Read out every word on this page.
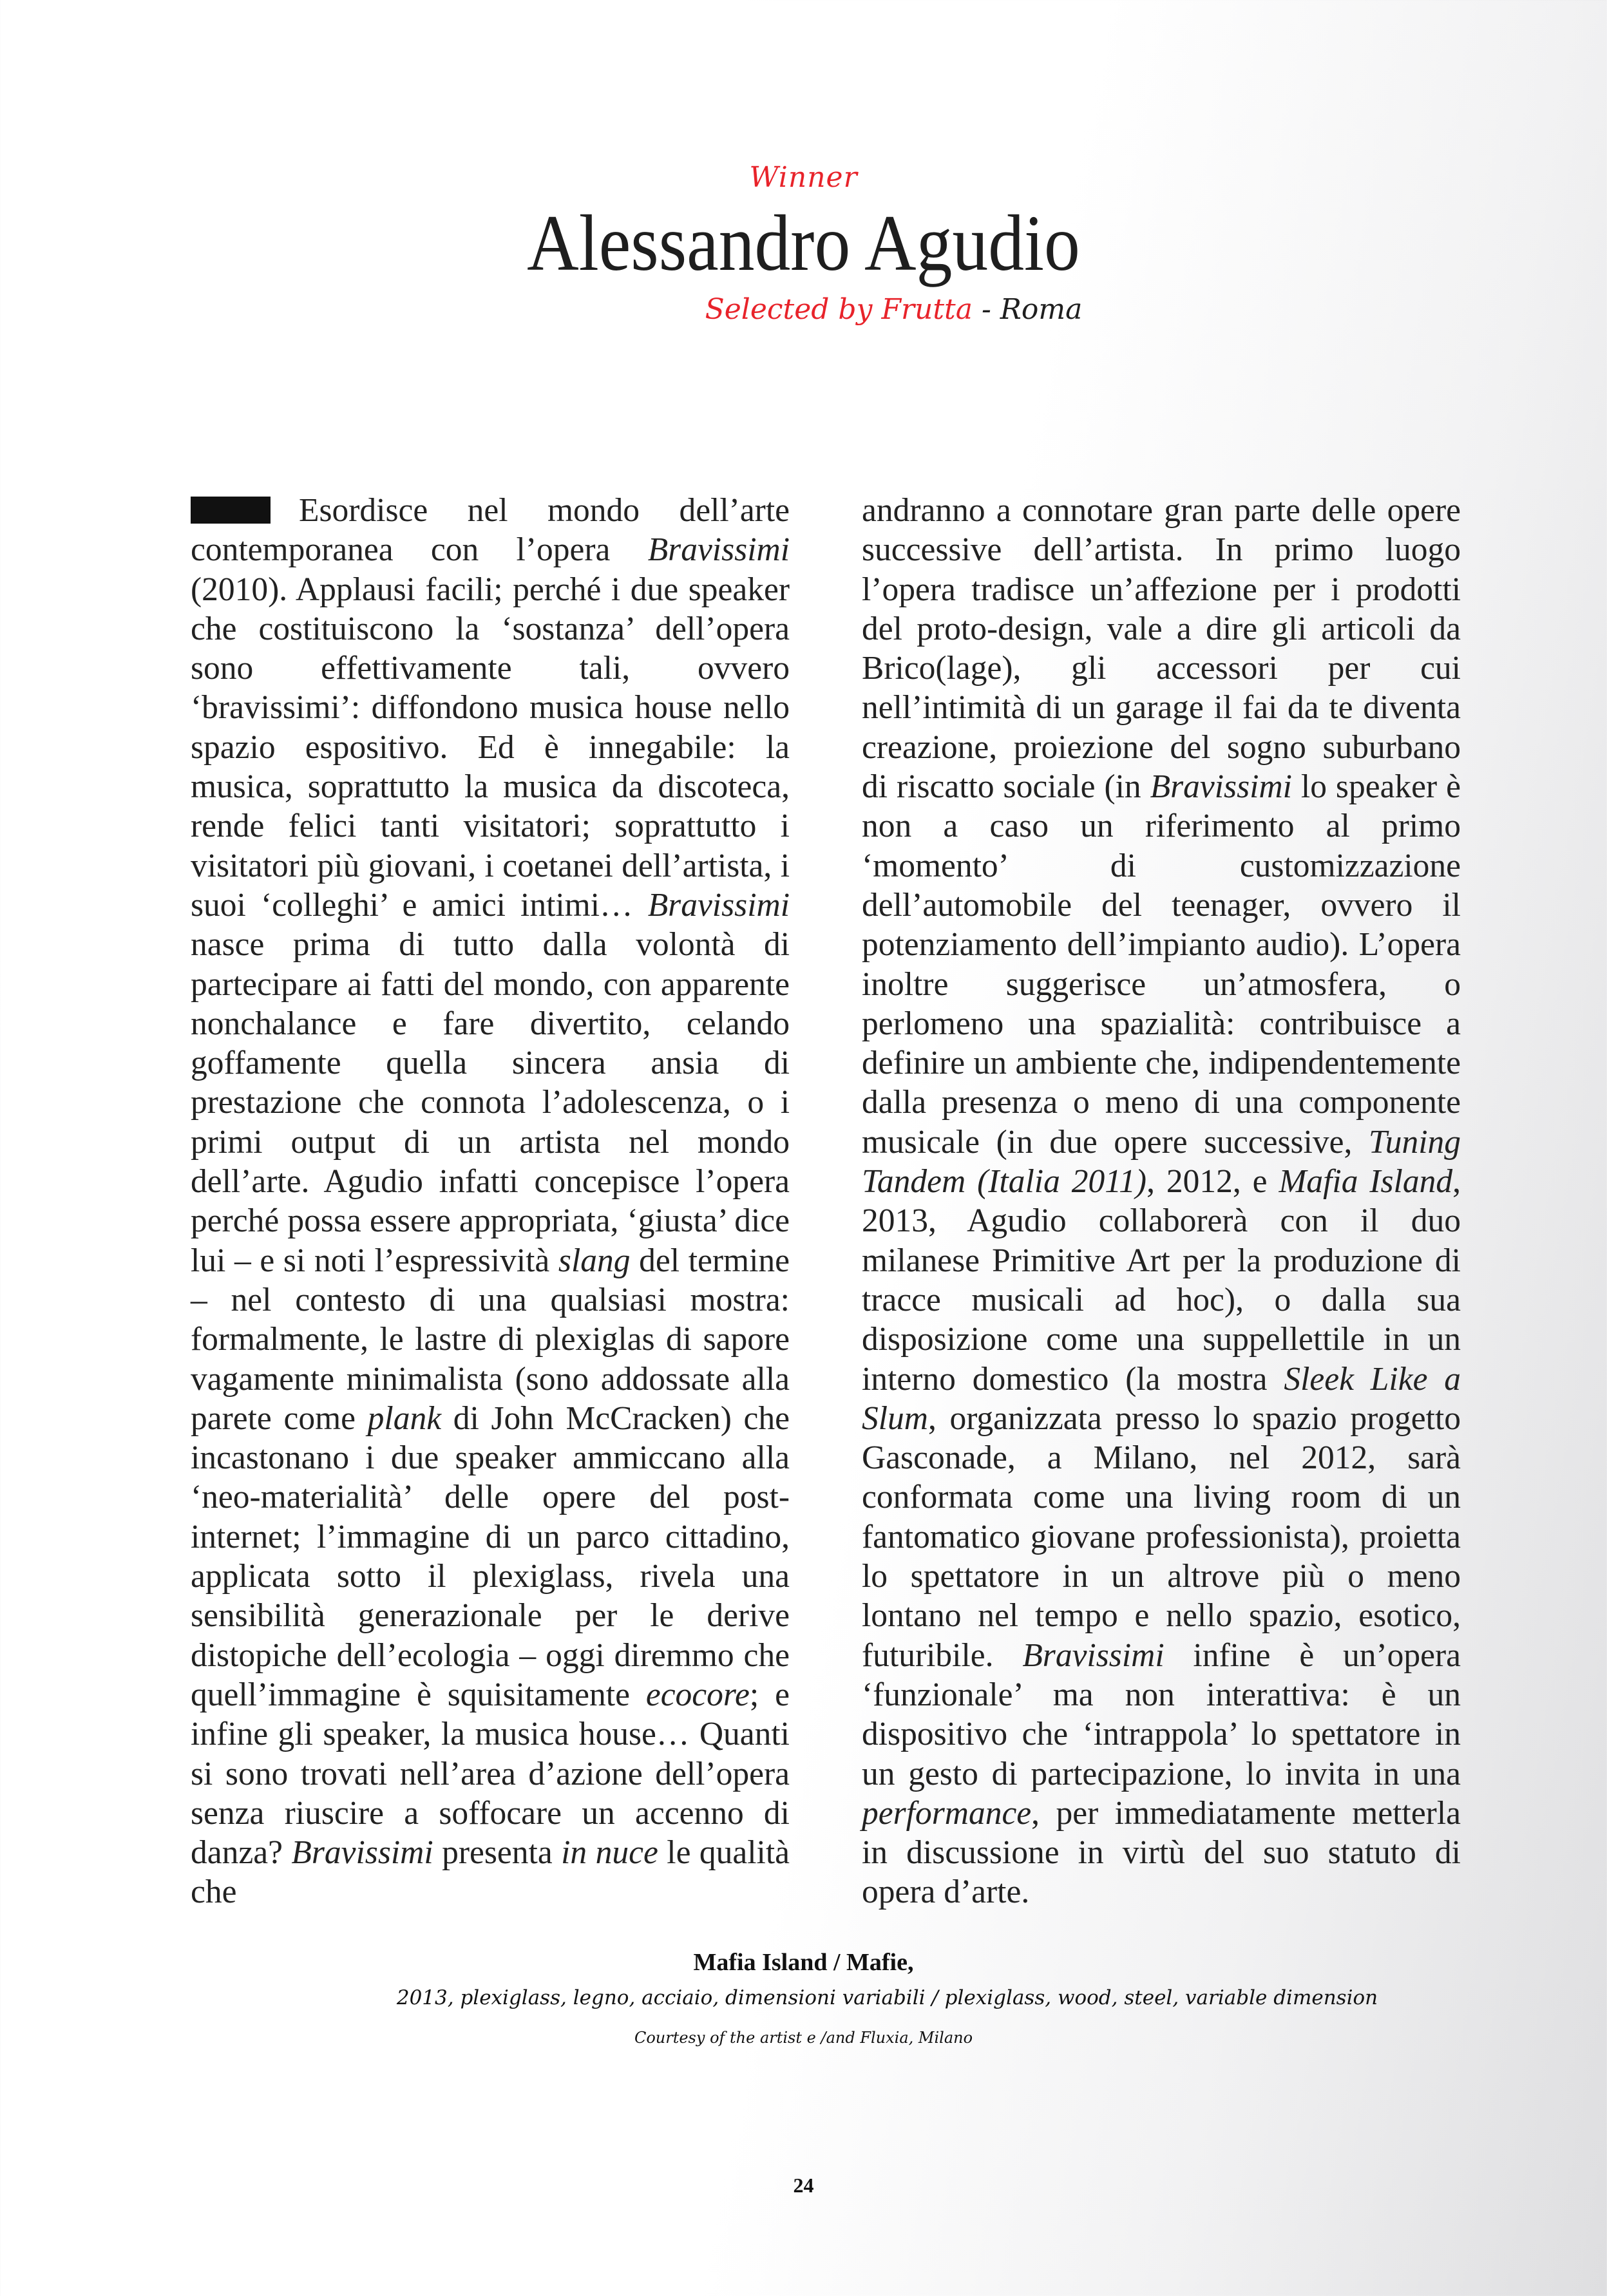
Winner
Alessandro Agudio
Selected by Frutta - Roma

Esordisce nel mondo dell’arte contemporanea con l’opera Bravissimi (2010). Applausi facili; perché i due speaker che costituiscono la ‘sostanza’ dell’opera sono effettivamente tali, ovvero ‘bravissimi’: diffondono musica house nello spazio espositivo. Ed è innegabile: la musica, soprattutto la musica da discoteca, rende felici tanti visitatori; soprattutto i visitatori più giovani, i coetanei dell’artista, i suoi ‘colleghi’ e amici intimi… Bravissimi nasce prima di tutto dalla volontà di partecipare ai fatti del mondo, con apparente nonchalance e fare divertito, celando goffamente quella sincera ansia di prestazione che connota l’adolescenza, o i primi output di un artista nel mondo dell’arte. Agudio infatti concepisce l’opera perché possa essere appropriata, ‘giusta’ dice lui – e si noti l’espressività slang del termine – nel contesto di una qualsiasi mostra: formalmente, le lastre di plexiglas di sapore vagamente minimalista (sono addossate alla parete come plank di John McCracken) che incastonano i due speaker ammiccano alla ‘neo-materialità’ delle opere del post-internet; l’immagine di un parco cittadino, applicata sotto il plexiglass, rivela una sensibilità generazionale per le derive distopiche dell’ecologia – oggi diremmo che quell’immagine è squisitamente ecocore; e infine gli speaker, la musica house… Quanti si sono trovati nell’area d’azione dell’opera senza riuscire a soffocare un accenno di danza? Bravissimi presenta in nuce le qualità che

andranno a connotare gran parte delle opere successive dell’artista. In primo luogo l’opera tradisce un’affezione per i prodotti del proto-design, vale a dire gli articoli da Brico(lage), gli accessori per cui nell’intimità di un garage il fai da te diventa creazione, proiezione del sogno suburbano di riscatto sociale (in Bravissimi lo speaker è non a caso un riferimento al primo ‘momento’ di customizzazione dell’automobile del teenager, ovvero il potenziamento dell’impianto audio). L’opera inoltre suggerisce un’atmosfera, o perlomeno una spazialità: contribuisce a definire un ambiente che, indipendentemente dalla presenza o meno di una componente musicale (in due opere successive, Tuning Tandem (Italia 2011), 2012, e Mafia Island, 2013, Agudio collaborerà con il duo milanese Primitive Art per la produzione di tracce musicali ad hoc), o dalla sua disposizione come una suppellettile in un interno domestico (la mostra Sleek Like a Slum, organizzata presso lo spazio progetto Gasconade, a Milano, nel 2012, sarà conformata come una living room di un fantomatico giovane professionista), proietta lo spettatore in un altrove più o meno lontano nel tempo e nello spazio, esotico, futuribile. Bravissimi infine è un’opera ‘funzionale’ ma non interattiva: è un dispositivo che ‘intrappola’ lo spettatore in un gesto di partecipazione, lo invita in una performance, per immediatamente metterla in discussione in virtù del suo statuto di opera d’arte.

Mafia Island / Mafie,
2013, plexiglass, legno, acciaio, dimensioni variabili / plexiglass, wood, steel, variable dimension
Courtesy of the artist e /and Fluxia, Milano
24
